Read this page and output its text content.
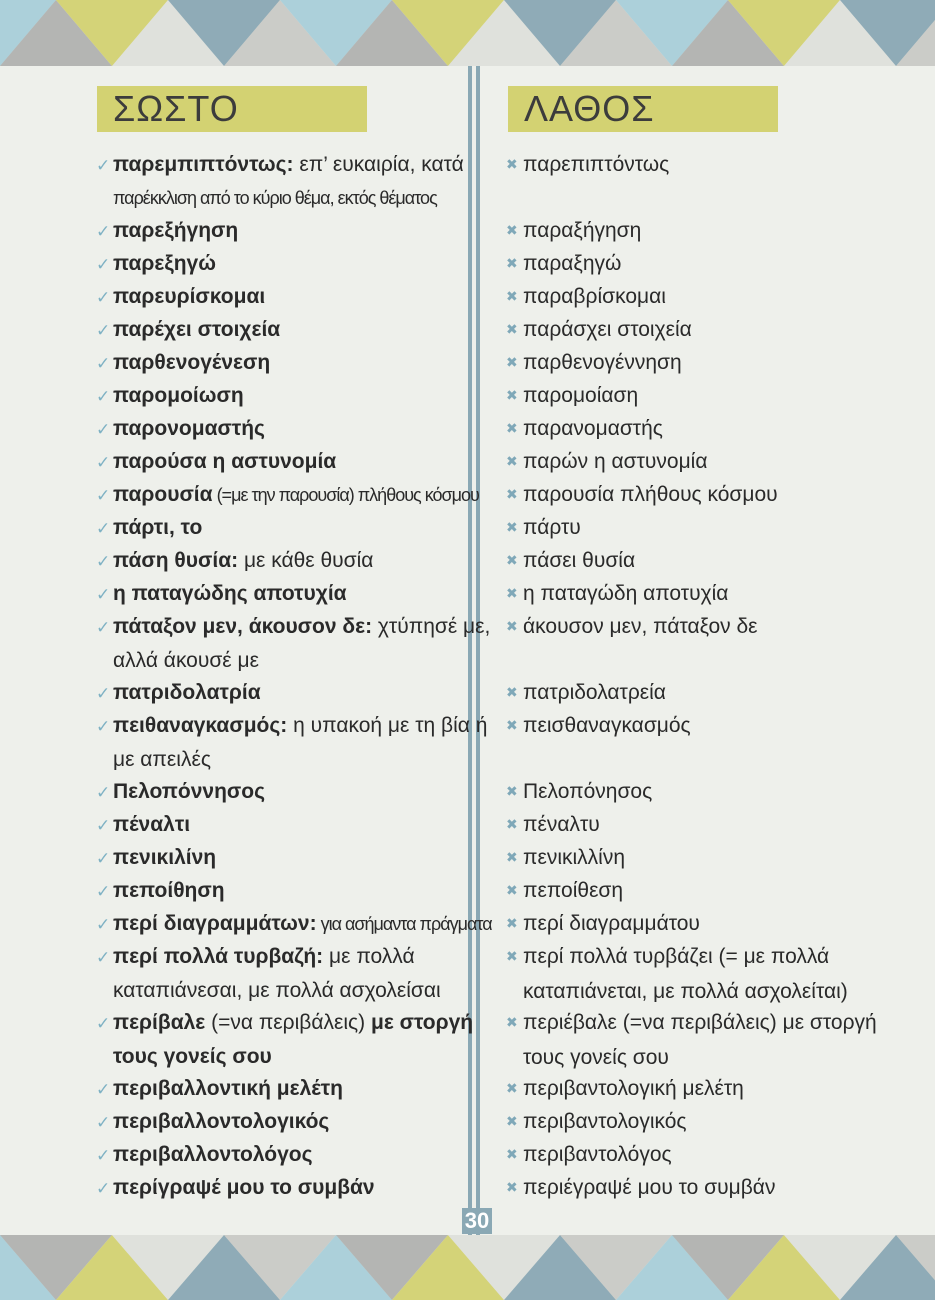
ΣΩΣΤΟ	ΛΑΘΟΣ
✓ παρεμπιπτόντως: επ’ ευκαιρία, κατά
παρέκκλιση από το κύριο θέμα, εκτός θέματος
✓ παρεξήγηση
✓ παρεξηγώ
✓ παρευρίσκομαι
✓ παρέχει στοιχεία
✓ παρθενογένεση
✓ παρομοίωση
✓ παρονομαστής
✓ παρούσα η αστυνομία
✓ παρουσία (=με την παρουσία) πλήθους κόσμου
✓ πάρτι, το
✓ πάση θυσία: με κάθε θυσία
✓ η παταγώδης αποτυχία
✓ πάταξον μεν, άκουσον δε: χτύπησέ με,
αλλά άκουσέ με
✓ πατριδολατρία
✓ πειθαναγκασμός: η υπακοή με τη βία ή
με απειλές
✓ Πελοπόννησος
✓ πέναλτι
✓ πενικιλίνη
✓ πεποίθηση
✓ περί διαγραμμάτων: για ασήμαντα πράγματα
✓ περί πολλά τυρβαζή: με πολλά
καταπιάνεσαι, με πολλά ασχολείσαι
✓ περίβαλε (=να περιβάλεις) με στοργή
τους γονείς σου
✓ περιβαλλοντική μελέτη
✓ περιβαλλοντολογικός
✓ περιβαλλοντολόγος
✓ περίγραψέ μου το συμβάν
✖ παρεπιπτόντως
✖ παραξήγηση
✖ παραξηγώ
✖ παραβρίσκομαι
✖ παράσχει στοιχεία
✖ παρθενογέννηση
✖ παρομοίαση
✖ παρανομαστής
✖ παρών η αστυνομία
✖ παρουσία πλήθους κόσμου
✖ πάρτυ
✖ πάσει θυσία
✖ η παταγώδη αποτυχία
✖ άκουσον μεν, πάταξον δε
✖ πατριδολατρεία
✖ πεισθαναγκασμός
✖ Πελοπόνησος
✖ πέναλτυ
✖ πενικιλλίνη
✖ πεποίθεση
✖ περί διαγραμμάτου
✖ περί πολλά τυρβάζει (= με πολλά
καταπιάνεται, με πολλά ασχολείται)
✖ περιέβαλε (=να περιβάλεις) με στοργή
τους γονείς σου
✖ περιβαντολογική μελέτη
✖ περιβαντολογικός
✖ περιβαντολόγος
✖ περιέγραψέ μου το συμβάν
30
